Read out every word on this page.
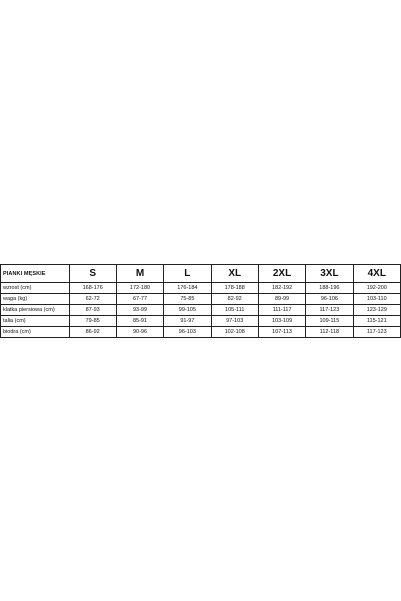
PIANKI MĘSKIE	S	M	L	XL	2XL	3XL	4XL
wzrost (cm)	168-176	172-180	176-184	178-188	182-192	188-196	192-200
waga (kg)	62-72	67-77	75-85	82-92	89-99	96-106	103-110
klatka piersiowa (cm)	87-93	93-99	99-105	105-111	111-117	117-123	123-129
talia (cm)	79-85	85-91	91-97	97-103	103-109	109-115	115-121
biodra (cm)	86-92	90-96	96-103	102-108	107-113	112-118	117-123
